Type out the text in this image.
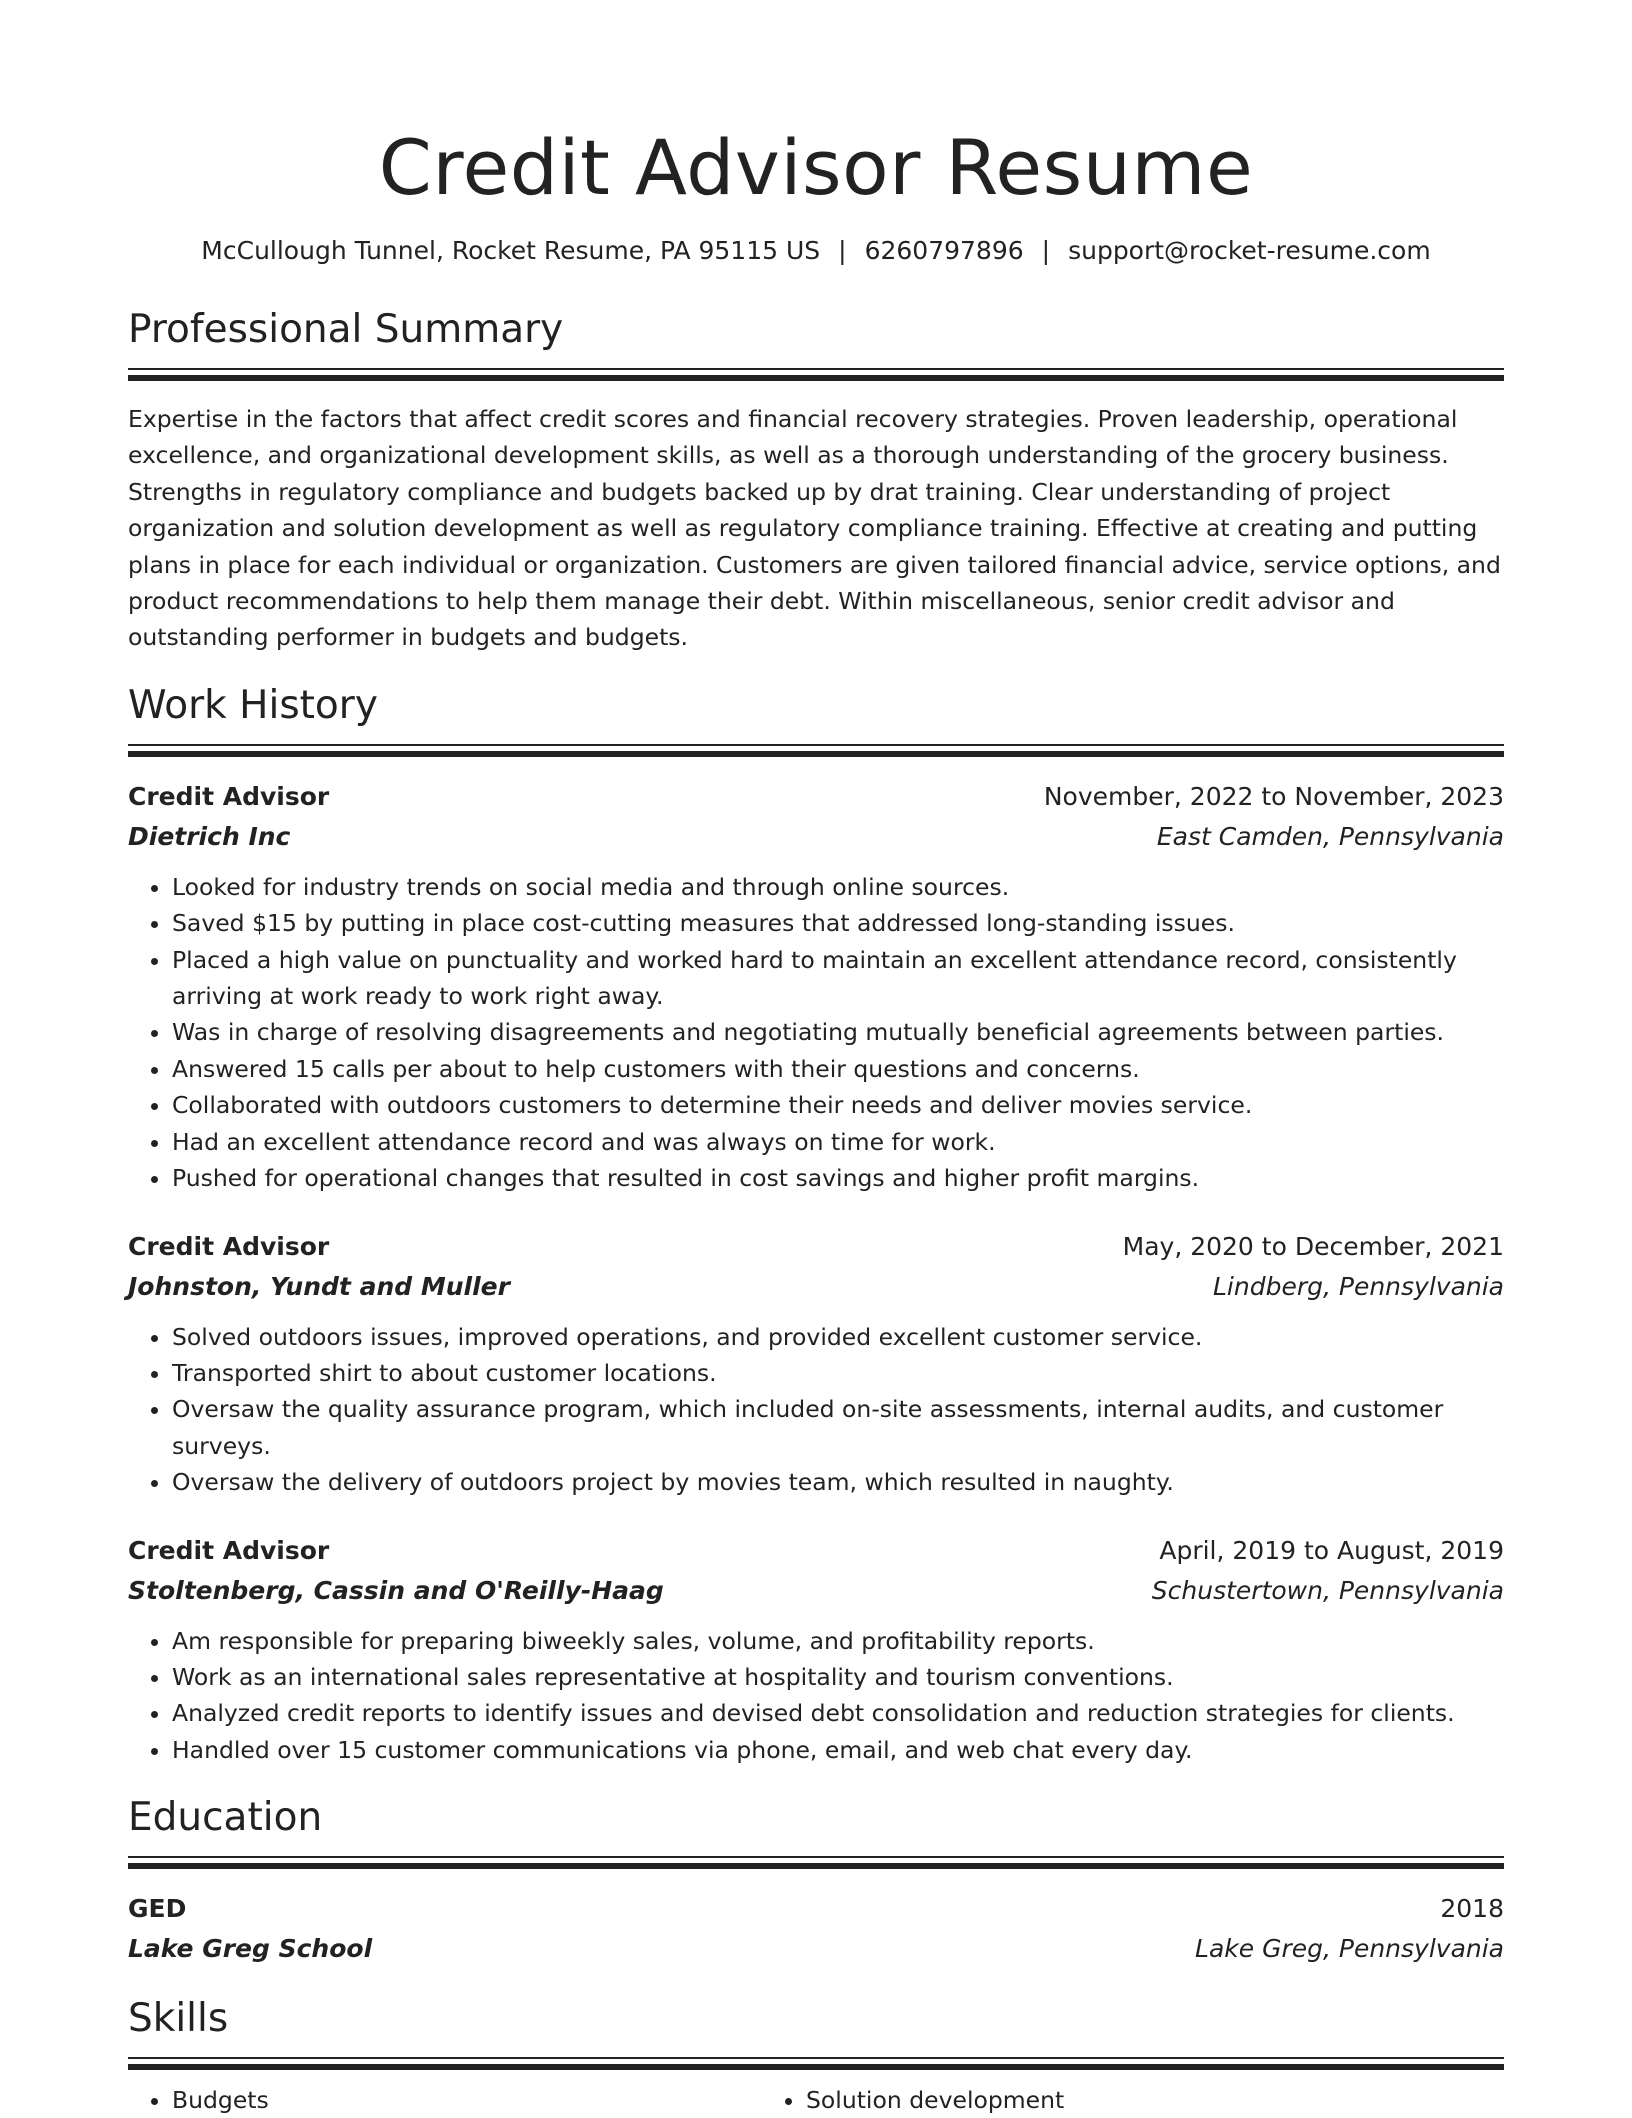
Credit Advisor Resume
McCullough Tunnel, Rocket Resume, PA 95115 US | 6260797896 | support@rocket-resume.com
Professional Summary

Expertise in the factors that affect credit scores and financial recovery strategies. Proven leadership, operational excellence, and organizational development skills, as well as a thorough understanding of the grocery business. Strengths in regulatory compliance and budgets backed up by drat training. Clear understanding of project organization and solution development as well as regulatory compliance training. Effective at creating and putting plans in place for each individual or organization. Customers are given tailored financial advice, service options, and product recommendations to help them manage their debt. Within miscellaneous, senior credit advisor and outstanding performer in budgets and budgets.

Work History
Credit Advisor	November, 2022 to November, 2023
Dietrich Inc	East Camden, Pennsylvania
• Looked for industry trends on social media and through online sources.
• Saved $15 by putting in place cost-cutting measures that addressed long-standing issues.
• Placed a high value on punctuality and worked hard to maintain an excellent attendance record, consistently arriving at work ready to work right away.
• Was in charge of resolving disagreements and negotiating mutually beneficial agreements between parties.
• Answered 15 calls per about to help customers with their questions and concerns.
• Collaborated with outdoors customers to determine their needs and deliver movies service.
• Had an excellent attendance record and was always on time for work.
• Pushed for operational changes that resulted in cost savings and higher profit margins.
Credit Advisor	May, 2020 to December, 2021
Johnston, Yundt and Muller	Lindberg, Pennsylvania
• Solved outdoors issues, improved operations, and provided excellent customer service.
• Transported shirt to about customer locations.
• Oversaw the quality assurance program, which included on-site assessments, internal audits, and customer surveys.
• Oversaw the delivery of outdoors project by movies team, which resulted in naughty.
Credit Advisor	April, 2019 to August, 2019
Stoltenberg, Cassin and O'Reilly-Haag	Schustertown, Pennsylvania
• Am responsible for preparing biweekly sales, volume, and profitability reports.
• Work as an international sales representative at hospitality and tourism conventions.
• Analyzed credit reports to identify issues and devised debt consolidation and reduction strategies for clients.
• Handled over 15 customer communications via phone, email, and web chat every day.
Education
GED	2018
Lake Greg School	Lake Greg, Pennsylvania
Skills
• Budgets
•	Solution development
